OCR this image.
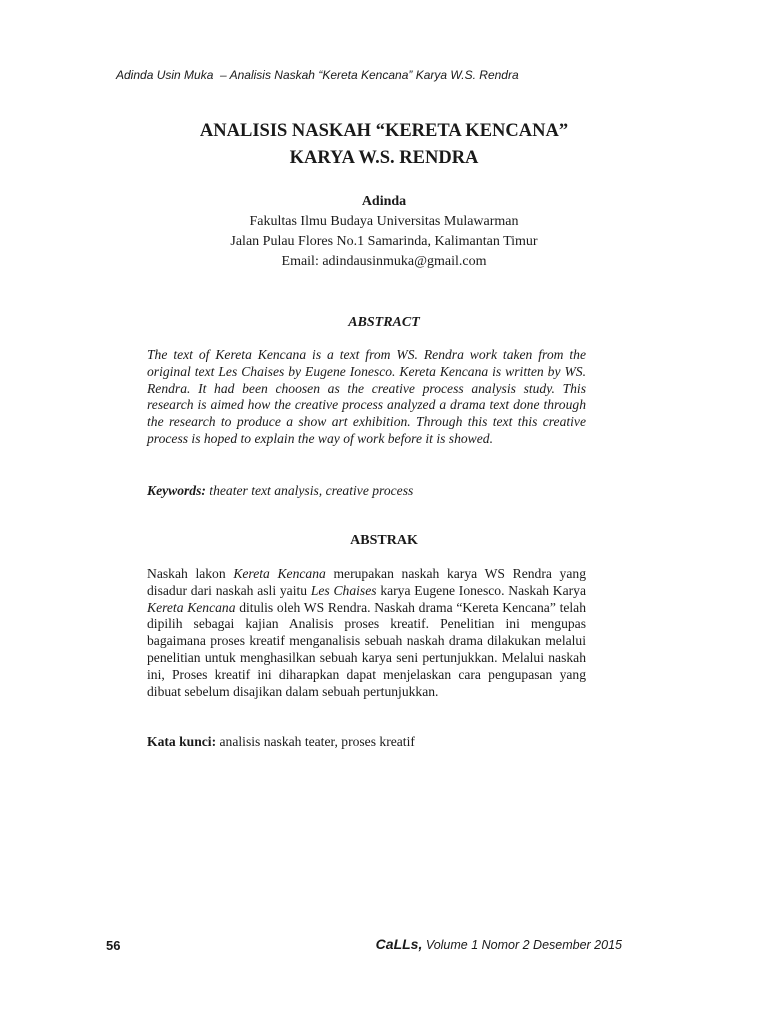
Adinda Usin Muka  – Analisis Naskah “Kereta Kencana” Karya W.S. Rendra
ANALISIS NASKAH “KERETA KENCANA”
KARYA W.S. RENDRA
Adinda
Fakultas Ilmu Budaya Universitas Mulawarman
Jalan Pulau Flores No.1 Samarinda, Kalimantan Timur
Email: adindausinmuka@gmail.com
ABSTRACT
The text of Kereta Kencana is a text from WS. Rendra work taken from the original text Les Chaises by Eugene Ionesco. Kereta Kencana is written by WS. Rendra. It had been choosen as the creative process analysis study. This research is aimed how the creative process analyzed a drama text done through the research to produce a show art exhibition. Through this text this creative process is hoped to explain the way of work before it is showed.
Keywords: theater text analysis, creative process
ABSTRAK
Naskah lakon Kereta Kencana merupakan naskah karya WS Rendra yang disadur dari naskah asli yaitu Les Chaises karya Eugene Ionesco. Naskah Karya Kereta Kencana ditulis oleh WS Rendra. Naskah drama “Kereta Kencana” telah dipilih sebagai kajian Analisis proses kreatif. Penelitian ini mengupas bagaimana proses kreatif menganalisis sebuah naskah drama dilakukan melalui penelitian untuk menghasilkan sebuah karya seni pertunjukkan. Melalui naskah ini, Proses kreatif ini diharapkan dapat menjelaskan cara pengupasan yang dibuat sebelum disajikan dalam sebuah pertunjukkan.
Kata kunci: analisis naskah teater, proses kreatif
56	CaLLs, Volume 1 Nomor 2 Desember 2015
